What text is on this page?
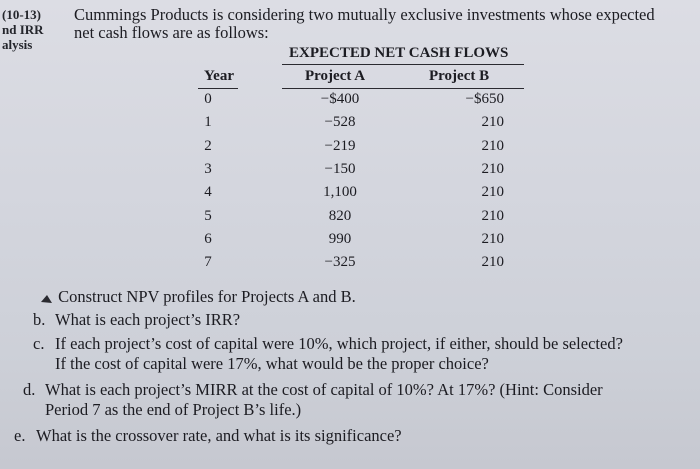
(10-13)
nd IRR
alysis
Cummings Products is considering two mutually exclusive investments whose expected
net cash flows are as follows:
EXPECTED NET CASH FLOWS
Year	Project A	Project B
0	−$400	−$650
1	−528	210
2	−219	210
3	−150	210
4	1,100	210
5	820	210
6	990	210
7	−325	210
Construct NPV profiles for Projects A and B.
b. What is each project’s IRR?
c. If each project’s cost of capital were 10%, which project, if either, should be selected?
If the cost of capital were 17%, what would be the proper choice?
d. What is each project’s MIRR at the cost of capital of 10%? At 17%? (Hint: Consider
Period 7 as the end of Project B’s life.)
e. What is the crossover rate, and what is its significance?
